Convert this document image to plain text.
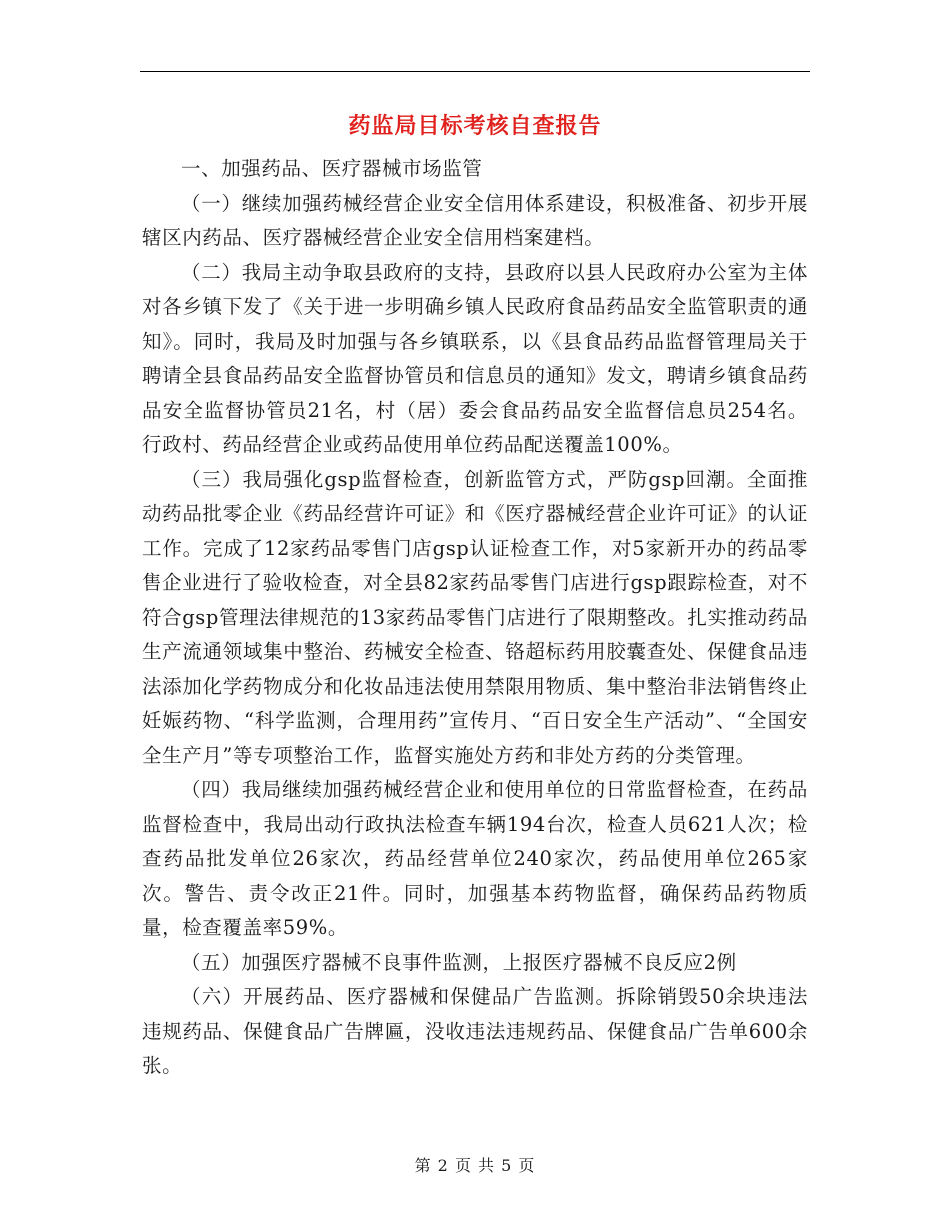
药监局目标考核自查报告

一、加强药品、医疗器械市场监管

（一）继续加强药械经营企业安全信用体系建设，积极准备、初步开展辖区内药品、医疗器械经营企业安全信用档案建档。

（二）我局主动争取县政府的支持，县政府以县人民政府办公室为主体对各乡镇下发了《关于进一步明确乡镇人民政府食品药品安全监管职责的通知》。同时，我局及时加强与各乡镇联系，以《县食品药品监督管理局关于聘请全县食品药品安全监督协管员和信息员的通知》发文，聘请乡镇食品药品安全监督协管员21名，村（居）委会食品药品安全监督信息员254名。行政村、药品经营企业或药品使用单位药品配送覆盖100%。

（三）我局强化gsp监督检查，创新监管方式，严防gsp回潮。全面推动药品批零企业《药品经营许可证》和《医疗器械经营企业许可证》的认证工作。完成了12家药品零售门店gsp认证检查工作，对5家新开办的药品零售企业进行了验收检查，对全县82家药品零售门店进行gsp跟踪检查，对不符合gsp管理法律规范的13家药品零售门店进行了限期整改。扎实推动药品生产流通领域集中整治、药械安全检查、铬超标药用胶囊查处、保健食品违法添加化学药物成分和化妆品违法使用禁限用物质、集中整治非法销售终止妊娠药物、“科学监测，合理用药”宣传月、“百日安全生产活动”、“全国安全生产月”等专项整治工作，监督实施处方药和非处方药的分类管理。

（四）我局继续加强药械经营企业和使用单位的日常监督检查，在药品监督检查中，我局出动行政执法检查车辆194台次，检查人员621人次；检查药品批发单位26家次，药品经营单位240家次，药品使用单位265家次。警告、责令改正21件。同时，加强基本药物监督，确保药品药物质量，检查覆盖率59%。

（五）加强医疗器械不良事件监测，上报医疗器械不良反应2例

（六）开展药品、医疗器械和保健品广告监测。拆除销毁50余块违法违规药品、保健食品广告牌匾，没收违法违规药品、保健食品广告单600余张。

第 2 页 共 5 页
